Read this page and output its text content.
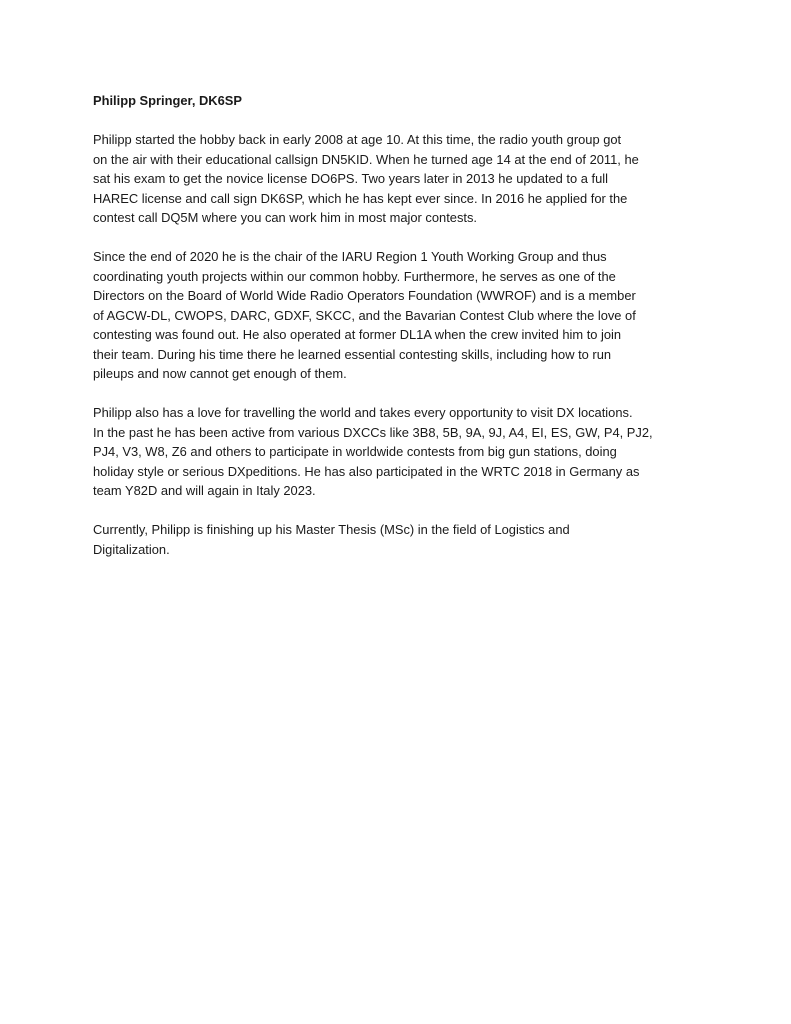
Philipp Springer, DK6SP
Philipp started the hobby back in early 2008 at age 10. At this time, the radio youth group got
on the air with their educational callsign DN5KID. When he turned age 14 at the end of 2011, he
sat his exam to get the novice license DO6PS. Two years later in 2013 he updated to a full
HAREC license and call sign DK6SP, which he has kept ever since. In 2016 he applied for the
contest call DQ5M where you can work him in most major contests.
Since the end of 2020 he is the chair of the IARU Region 1 Youth Working Group and thus
coordinating youth projects within our common hobby. Furthermore, he serves as one of the
Directors on the Board of World Wide Radio Operators Foundation (WWROF) and is a member
of AGCW-DL, CWOPS, DARC, GDXF, SKCC, and the Bavarian Contest Club where the love of
contesting was found out. He also operated at former DL1A when the crew invited him to join
their team. During his time there he learned essential contesting skills, including how to run
pileups and now cannot get enough of them.
Philipp also has a love for travelling the world and takes every opportunity to visit DX locations.
In the past he has been active from various DXCCs like 3B8, 5B, 9A, 9J, A4, EI, ES, GW, P4, PJ2,
PJ4, V3, W8, Z6 and others to participate in worldwide contests from big gun stations, doing
holiday style or serious DXpeditions. He has also participated in the WRTC 2018 in Germany as
team Y82D and will again in Italy 2023.
Currently, Philipp is finishing up his Master Thesis (MSc) in the field of Logistics and
Digitalization.
